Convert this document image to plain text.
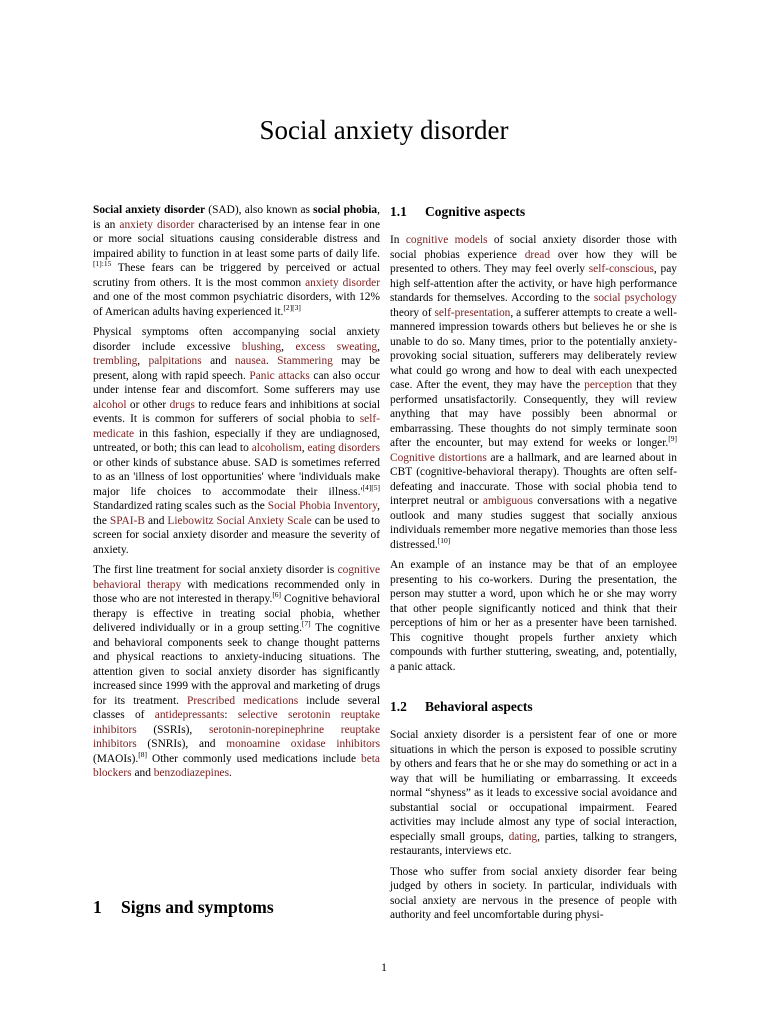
Social anxiety disorder

Social anxiety disorder (SAD), also known as social phobia, is an anxiety disorder characterised by an intense fear in one or more social situations causing considerable distress and impaired ability to function in at least some parts of daily life.$^{[1]:15}$ These fears can be triggered by perceived or actual scrutiny from others. It is the most common anxiety disorder and one of the most common psychiatric disorders, with 12% of American adults having experienced it.[2][3]

Physical symptoms often accompanying social anxiety disorder include excessive blushing, excess sweating, trembling, palpitations and nausea. Stammering may be present, along with rapid speech. Panic attacks can also occur under intense fear and discomfort. Some sufferers may use alcohol or other drugs to reduce fears and inhibitions at social events. It is common for sufferers of social phobia to self-medicate in this fashion, especially if they are undiagnosed, untreated, or both; this can lead to alcoholism, eating disorders or other kinds of substance abuse. SAD is sometimes referred to as an 'illness of lost opportunities' where 'individuals make major life choices to accommodate their illness.'[4][5] Standardized rating scales such as the Social Phobia Inventory, the SPAI-B and Liebowitz Social Anxiety Scale can be used to screen for social anxiety disorder and measure the severity of anxiety.

The first line treatment for social anxiety disorder is cognitive behavioral therapy with medications recommended only in those who are not interested in therapy.[6] Cognitive behavioral therapy is effective in treating social phobia, whether delivered individually or in a group setting.[7] The cognitive and behavioral components seek to change thought patterns and physical reactions to anxiety-inducing situations. The attention given to social anxiety disorder has significantly increased since 1999 with the approval and marketing of drugs for its treatment. Prescribed medications include several classes of antidepressants: selective serotonin reuptake inhibitors (SSRIs), serotonin-norepinephrine reuptake inhibitors (SNRIs), and monoamine oxidase inhibitors (MAOIs).[8] Other commonly used medications include beta blockers and benzodiazepines.

1 Signs and symptoms
1.1 Cognitive aspects

In cognitive models of social anxiety disorder those with social phobias experience dread over how they will be presented to others. They may feel overly self-conscious, pay high self-attention after the activity, or have high performance standards for themselves. According to the social psychology theory of self-presentation, a sufferer attempts to create a well-mannered impression towards others but believes he or she is unable to do so. Many times, prior to the potentially anxiety-provoking social situation, sufferers may deliberately review what could go wrong and how to deal with each unexpected case. After the event, they may have the perception that they performed unsatisfactorily. Consequently, they will review anything that may have possibly been abnormal or embarrassing. These thoughts do not simply terminate soon after the encounter, but may extend for weeks or longer.[9] Cognitive distortions are a hallmark, and are learned about in CBT (cognitive-behavioral therapy). Thoughts are often self-defeating and inaccurate. Those with social phobia tend to interpret neutral or ambiguous conversations with a negative outlook and many studies suggest that socially anxious individuals remember more negative memories than those less distressed.[10]

An example of an instance may be that of an employee presenting to his co-workers. During the presentation, the person may stutter a word, upon which he or she may worry that other people significantly noticed and think that their perceptions of him or her as a presenter have been tarnished. This cognitive thought propels further anxiety which compounds with further stuttering, sweating, and, potentially, a panic attack.

1.2 Behavioral aspects

Social anxiety disorder is a persistent fear of one or more situations in which the person is exposed to possible scrutiny by others and fears that he or she may do something or act in a way that will be humiliating or embarrassing. It exceeds normal “shyness” as it leads to excessive social avoidance and substantial social or occupational impairment. Feared activities may include almost any type of social interaction, especially small groups, dating, parties, talking to strangers, restaurants, interviews etc.

Those who suffer from social anxiety disorder fear being judged by others in society. In particular, individuals with social anxiety are nervous in the presence of people with authority and feel uncomfortable during physi-

1
